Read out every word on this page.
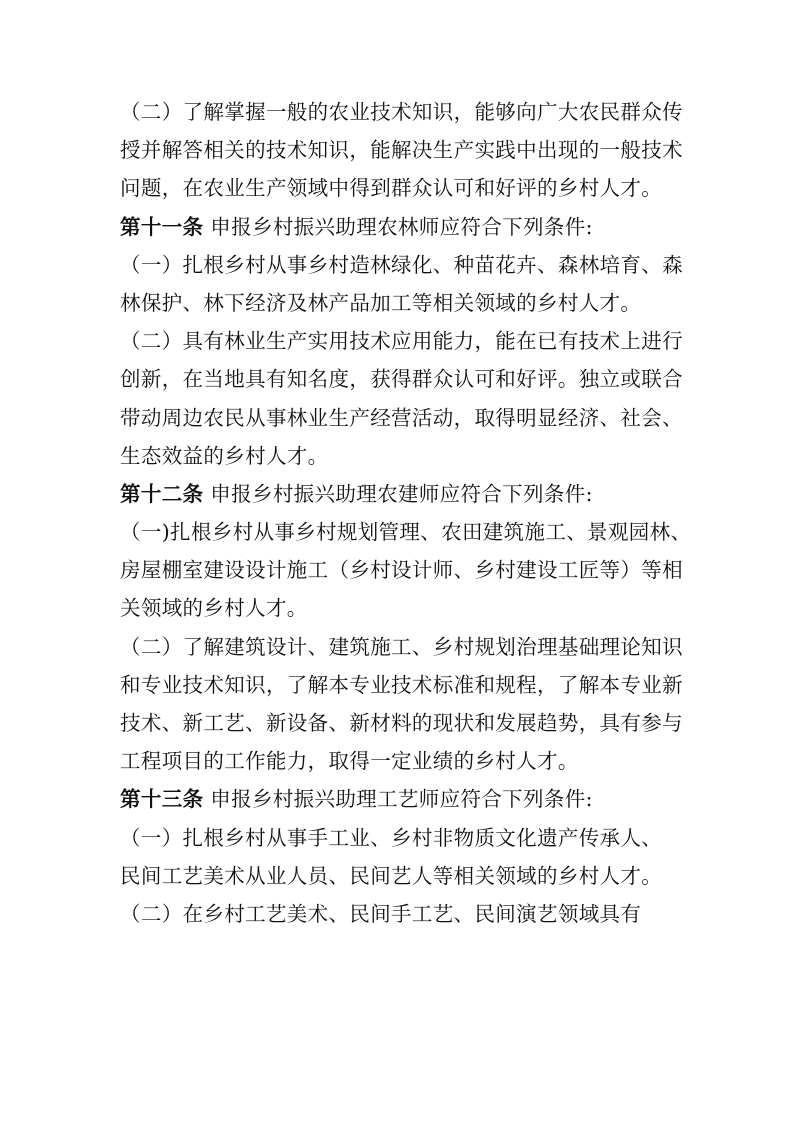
（二）了解掌握一般的农业技术知识，能够向广大农民群众传
授并解答相关的技术知识，能解决生产实践中出现的一般技术
问题，在农业生产领域中得到群众认可和好评的乡村人才。
第十一条 申报乡村振兴助理农林师应符合下列条件:
（一）扎根乡村从事乡村造林绿化、种苗花卉、森林培育、森
林保护、林下经济及林产品加工等相关领域的乡村人才。
（二）具有林业生产实用技术应用能力，能在已有技术上进行
创新，在当地具有知名度，获得群众认可和好评。独立或联合
带动周边农民从事林业生产经营活动，取得明显经济、社会、
生态效益的乡村人才。
第十二条 申报乡村振兴助理农建师应符合下列条件:
（一)扎根乡村从事乡村规划管理、农田建筑施工、景观园林、
房屋棚室建设设计施工（乡村设计师、乡村建设工匠等）等相
关领域的乡村人才。
（二）了解建筑设计、建筑施工、乡村规划治理基础理论知识
和专业技术知识，了解本专业技术标准和规程，了解本专业新
技术、新工艺、新设备、新材料的现状和发展趋势，具有参与
工程项目的工作能力，取得一定业绩的乡村人才。
第十三条 申报乡村振兴助理工艺师应符合下列条件:
（一）扎根乡村从事手工业、乡村非物质文化遗产传承人、
民间工艺美术从业人员、民间艺人等相关领域的乡村人才。
（二）在乡村工艺美术、民间手工艺、民间演艺领域具有
